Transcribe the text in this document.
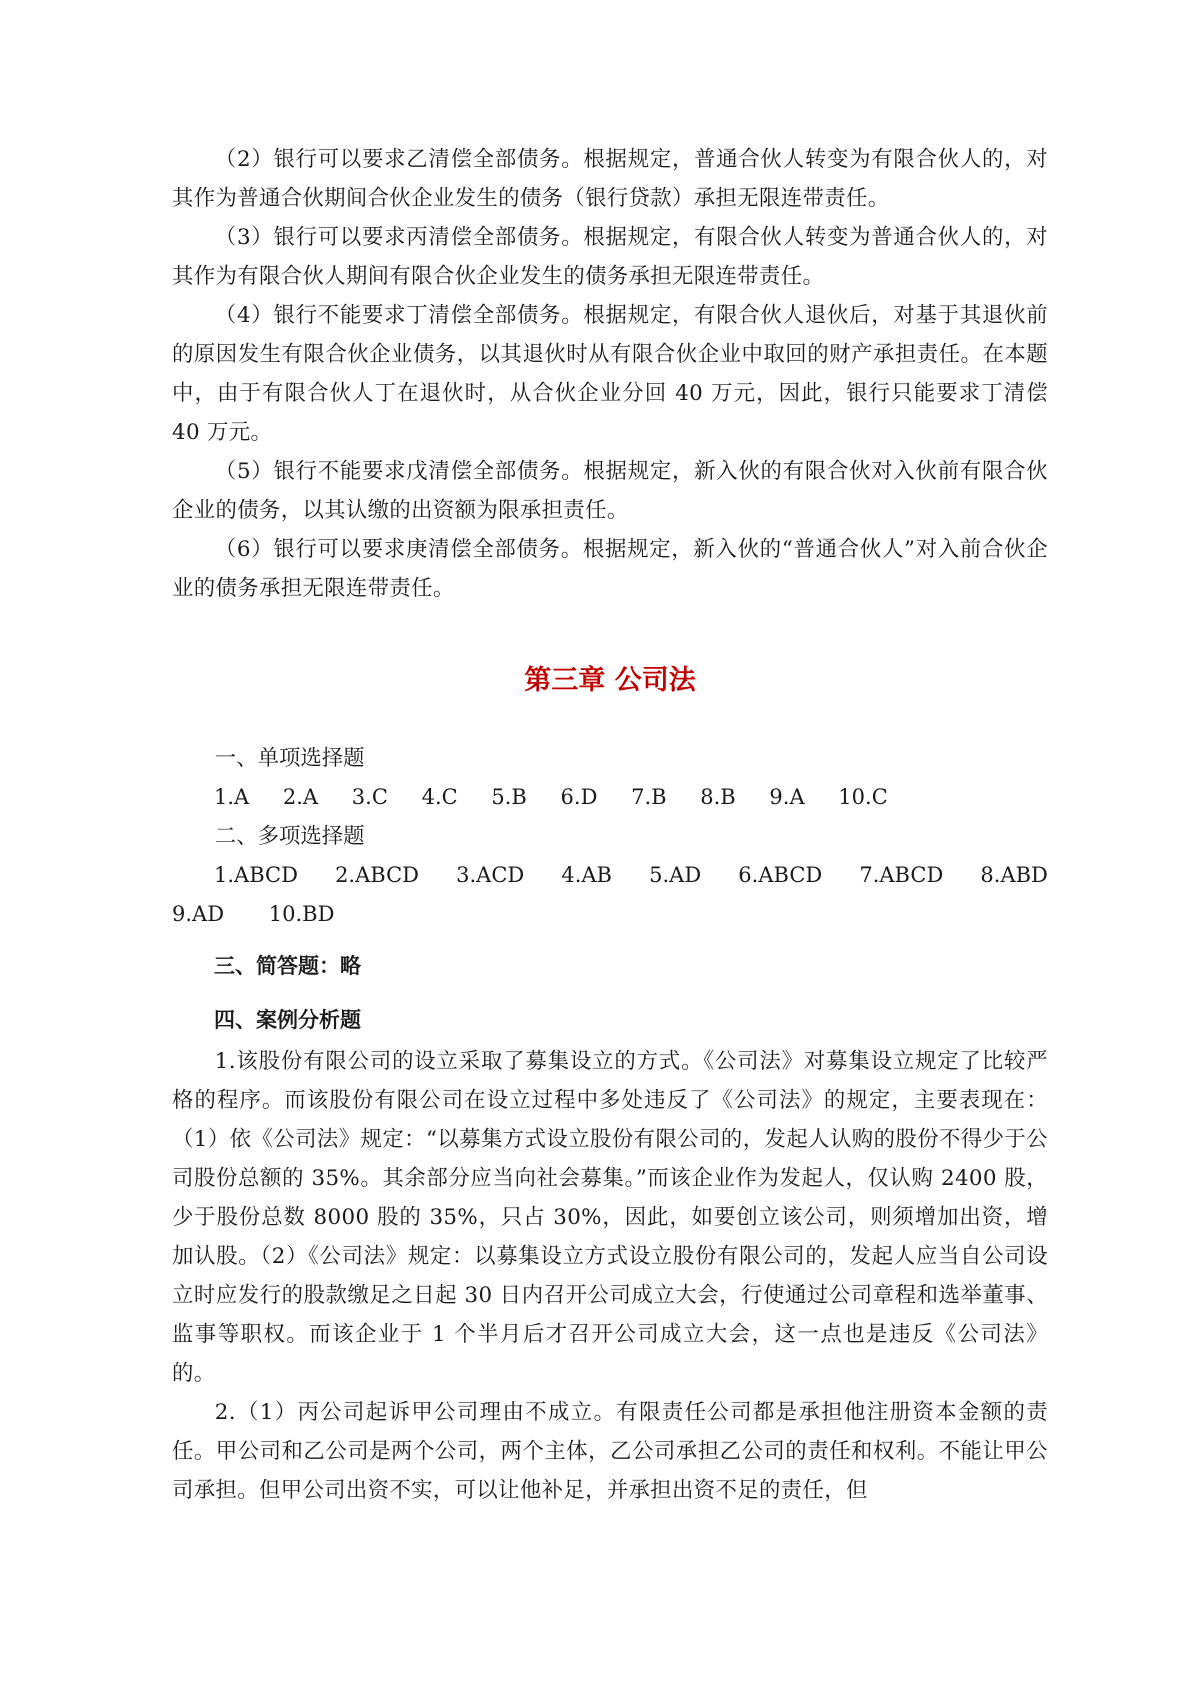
（2）银行可以要求乙清偿全部债务。根据规定，普通合伙人转变为有限合伙人的，对其作为普通合伙期间合伙企业发生的债务（银行贷款）承担无限连带责任。

（3）银行可以要求丙清偿全部债务。根据规定，有限合伙人转变为普通合伙人的，对其作为有限合伙人期间有限合伙企业发生的债务承担无限连带责任。

（4）银行不能要求丁清偿全部债务。根据规定，有限合伙人退伙后，对基于其退伙前的原因发生有限合伙企业债务，以其退伙时从有限合伙企业中取回的财产承担责任。在本题中，由于有限合伙人丁在退伙时，从合伙企业分回 40 万元，因此，银行只能要求丁清偿 40 万元。

（5）银行不能要求戊清偿全部债务。根据规定，新入伙的有限合伙对入伙前有限合伙企业的债务，以其认缴的出资额为限承担责任。

（6）银行可以要求庚清偿全部债务。根据规定，新入伙的“普通合伙人”对入前合伙企业的债务承担无限连带责任。

第三章 公司法

一、单项选择题

1.A 2.A 3.C 4.C 5.B 6.D 7.B 8.B 9.A 10.C

二、多项选择题

1.ABCD 2.ABCD 3.ACD 4.AB 5.AD 6.ABCD 7.ABCD 8.ABD

9.AD 10.BD

三、简答题：略

四、案例分析题

1.该股份有限公司的设立采取了募集设立的方式。《公司法》对募集设立规定了比较严格的程序。而该股份有限公司在设立过程中多处违反了《公司法》的规定，主要表现在：（1）依《公司法》规定：“以募集方式设立股份有限公司的，发起人认购的股份不得少于公司股份总额的 35%。其余部分应当向社会募集。”而该企业作为发起人，仅认购 2400 股，少于股份总数 8000 股的 35%，只占 30%，因此，如要创立该公司，则须增加出资，增加认股。（2）《公司法》规定：以募集设立方式设立股份有限公司的，发起人应当自公司设立时应发行的股款缴足之日起 30 日内召开公司成立大会，行使通过公司章程和选举董事、监事等职权。而该企业于 1 个半月后才召开公司成立大会，这一点也是违反《公司法》的。

2.（1）丙公司起诉甲公司理由不成立。有限责任公司都是承担他注册资本金额的责任。甲公司和乙公司是两个公司，两个主体，乙公司承担乙公司的责任和权利。不能让甲公司承担。但甲公司出资不实，可以让他补足，并承担出资不足的责任，但
